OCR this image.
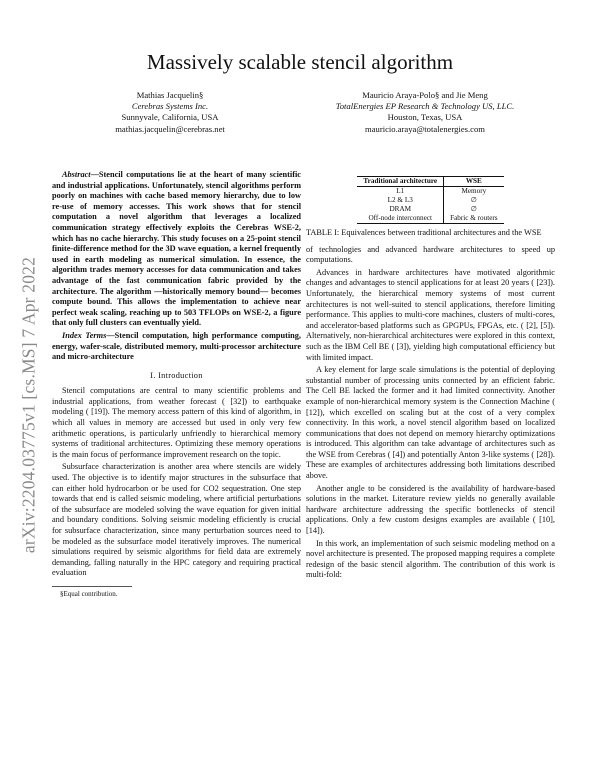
arXiv:2204.03775v1 [cs.MS] 7 Apr 2022
Massively scalable stencil algorithm
Mathias Jacquelin§
Cerebras Systems Inc.
Sunnyvale, California, USA
mathias.jacquelin@cerebras.net
Mauricio Araya-Polo§ and Jie Meng
TotalEnergies EP Research & Technology US, LLC.
Houston, Texas, USA
mauricio.araya@totalenergies.com
Abstract—Stencil computations lie at the heart of many scientific and industrial applications. Unfortunately, stencil algorithms perform poorly on machines with cache based memory hierarchy, due to low re-use of memory accesses. This work shows that for stencil computation a novel algorithm that leverages a localized communication strategy effectively exploits the Cerebras WSE-2, which has no cache hierarchy. This study focuses on a 25-point stencil finite-difference method for the 3D wave equation, a kernel frequently used in earth modeling as numerical simulation. In essence, the algorithm trades memory accesses for data communication and takes advantage of the fast communication fabric provided by the architecture. The algorithm —historically memory bound— becomes compute bound. This allows the implementation to achieve near perfect weak scaling, reaching up to 503 TFLOPs on WSE-2, a figure that only full clusters can eventually yield.
Index Terms—Stencil computation, high performance computing, energy, wafer-scale, distributed memory, multi-processor architecture and micro-architecture
I. Introduction

Stencil computations are central to many scientific problems and industrial applications, from weather forecast ( [32]) to earthquake modeling ( [19]). The memory access pattern of this kind of algorithm, in which all values in memory are accessed but used in only very few arithmetic operations, is particularly unfriendly to hierarchical memory systems of traditional architectures. Optimizing these memory operations is the main focus of performance improvement research on the topic.

Subsurface characterization is another area where stencils are widely used. The objective is to identify major structures in the subsurface that can either hold hydrocarbon or be used for CO2 sequestration. One step towards that end is called seismic modeling, where artificial perturbations of the subsurface are modeled solving the wave equation for given initial and boundary conditions. Solving seismic modeling efficiently is crucial for subsurface characterization, since many perturbation sources need to be modeled as the subsurface model iteratively improves. The numerical simulations required by seismic algorithms for field data are extremely demanding, falling naturally in the HPC category and requiring practical evaluation

§Equal contribution.
Traditional architecture	WSE
L1	Memory
L2 & L3	∅
DRAM	∅
Off-node interconnect	Fabric & routers
TABLE I: Equivalences between traditional architectures and the WSE

of technologies and advanced hardware architectures to speed up computations.

Advances in hardware architectures have motivated algorithmic changes and advantages to stencil applications for at least 20 years ( [23]). Unfortunately, the hierarchical memory systems of most current architectures is not well-suited to stencil applications, therefore limiting performance. This applies to multi-core machines, clusters of multi-cores, and accelerator-based platforms such as GPGPUs, FPGAs, etc. ( [2], [5]). Alternatively, non-hierarchical architectures were explored in this context, such as the IBM Cell BE ( [3]), yielding high computational efficiency but with limited impact.

A key element for large scale simulations is the potential of deploying substantial number of processing units connected by an efficient fabric. The Cell BE lacked the former and it had limited connectivity. Another example of non-hierarchical memory system is the Connection Machine ( [12]), which excelled on scaling but at the cost of a very complex connectivity. In this work, a novel stencil algorithm based on localized communications that does not depend on memory hierarchy optimizations is introduced. This algorithm can take advantage of architectures such as the WSE from Cerebras ( [4]) and potentially Anton 3-like systems ( [28]). These are examples of architectures addressing both limitations described above.

Another angle to be considered is the availability of hardware-based solutions in the market. Literature review yields no generally available hardware architecture addressing the specific bottlenecks of stencil applications. Only a few custom designs examples are available ( [10], [14]).

In this work, an implementation of such seismic modeling method on a novel architecture is presented. The proposed mapping requires a complete redesign of the basic stencil algorithm. The contribution of this work is multi-fold:
